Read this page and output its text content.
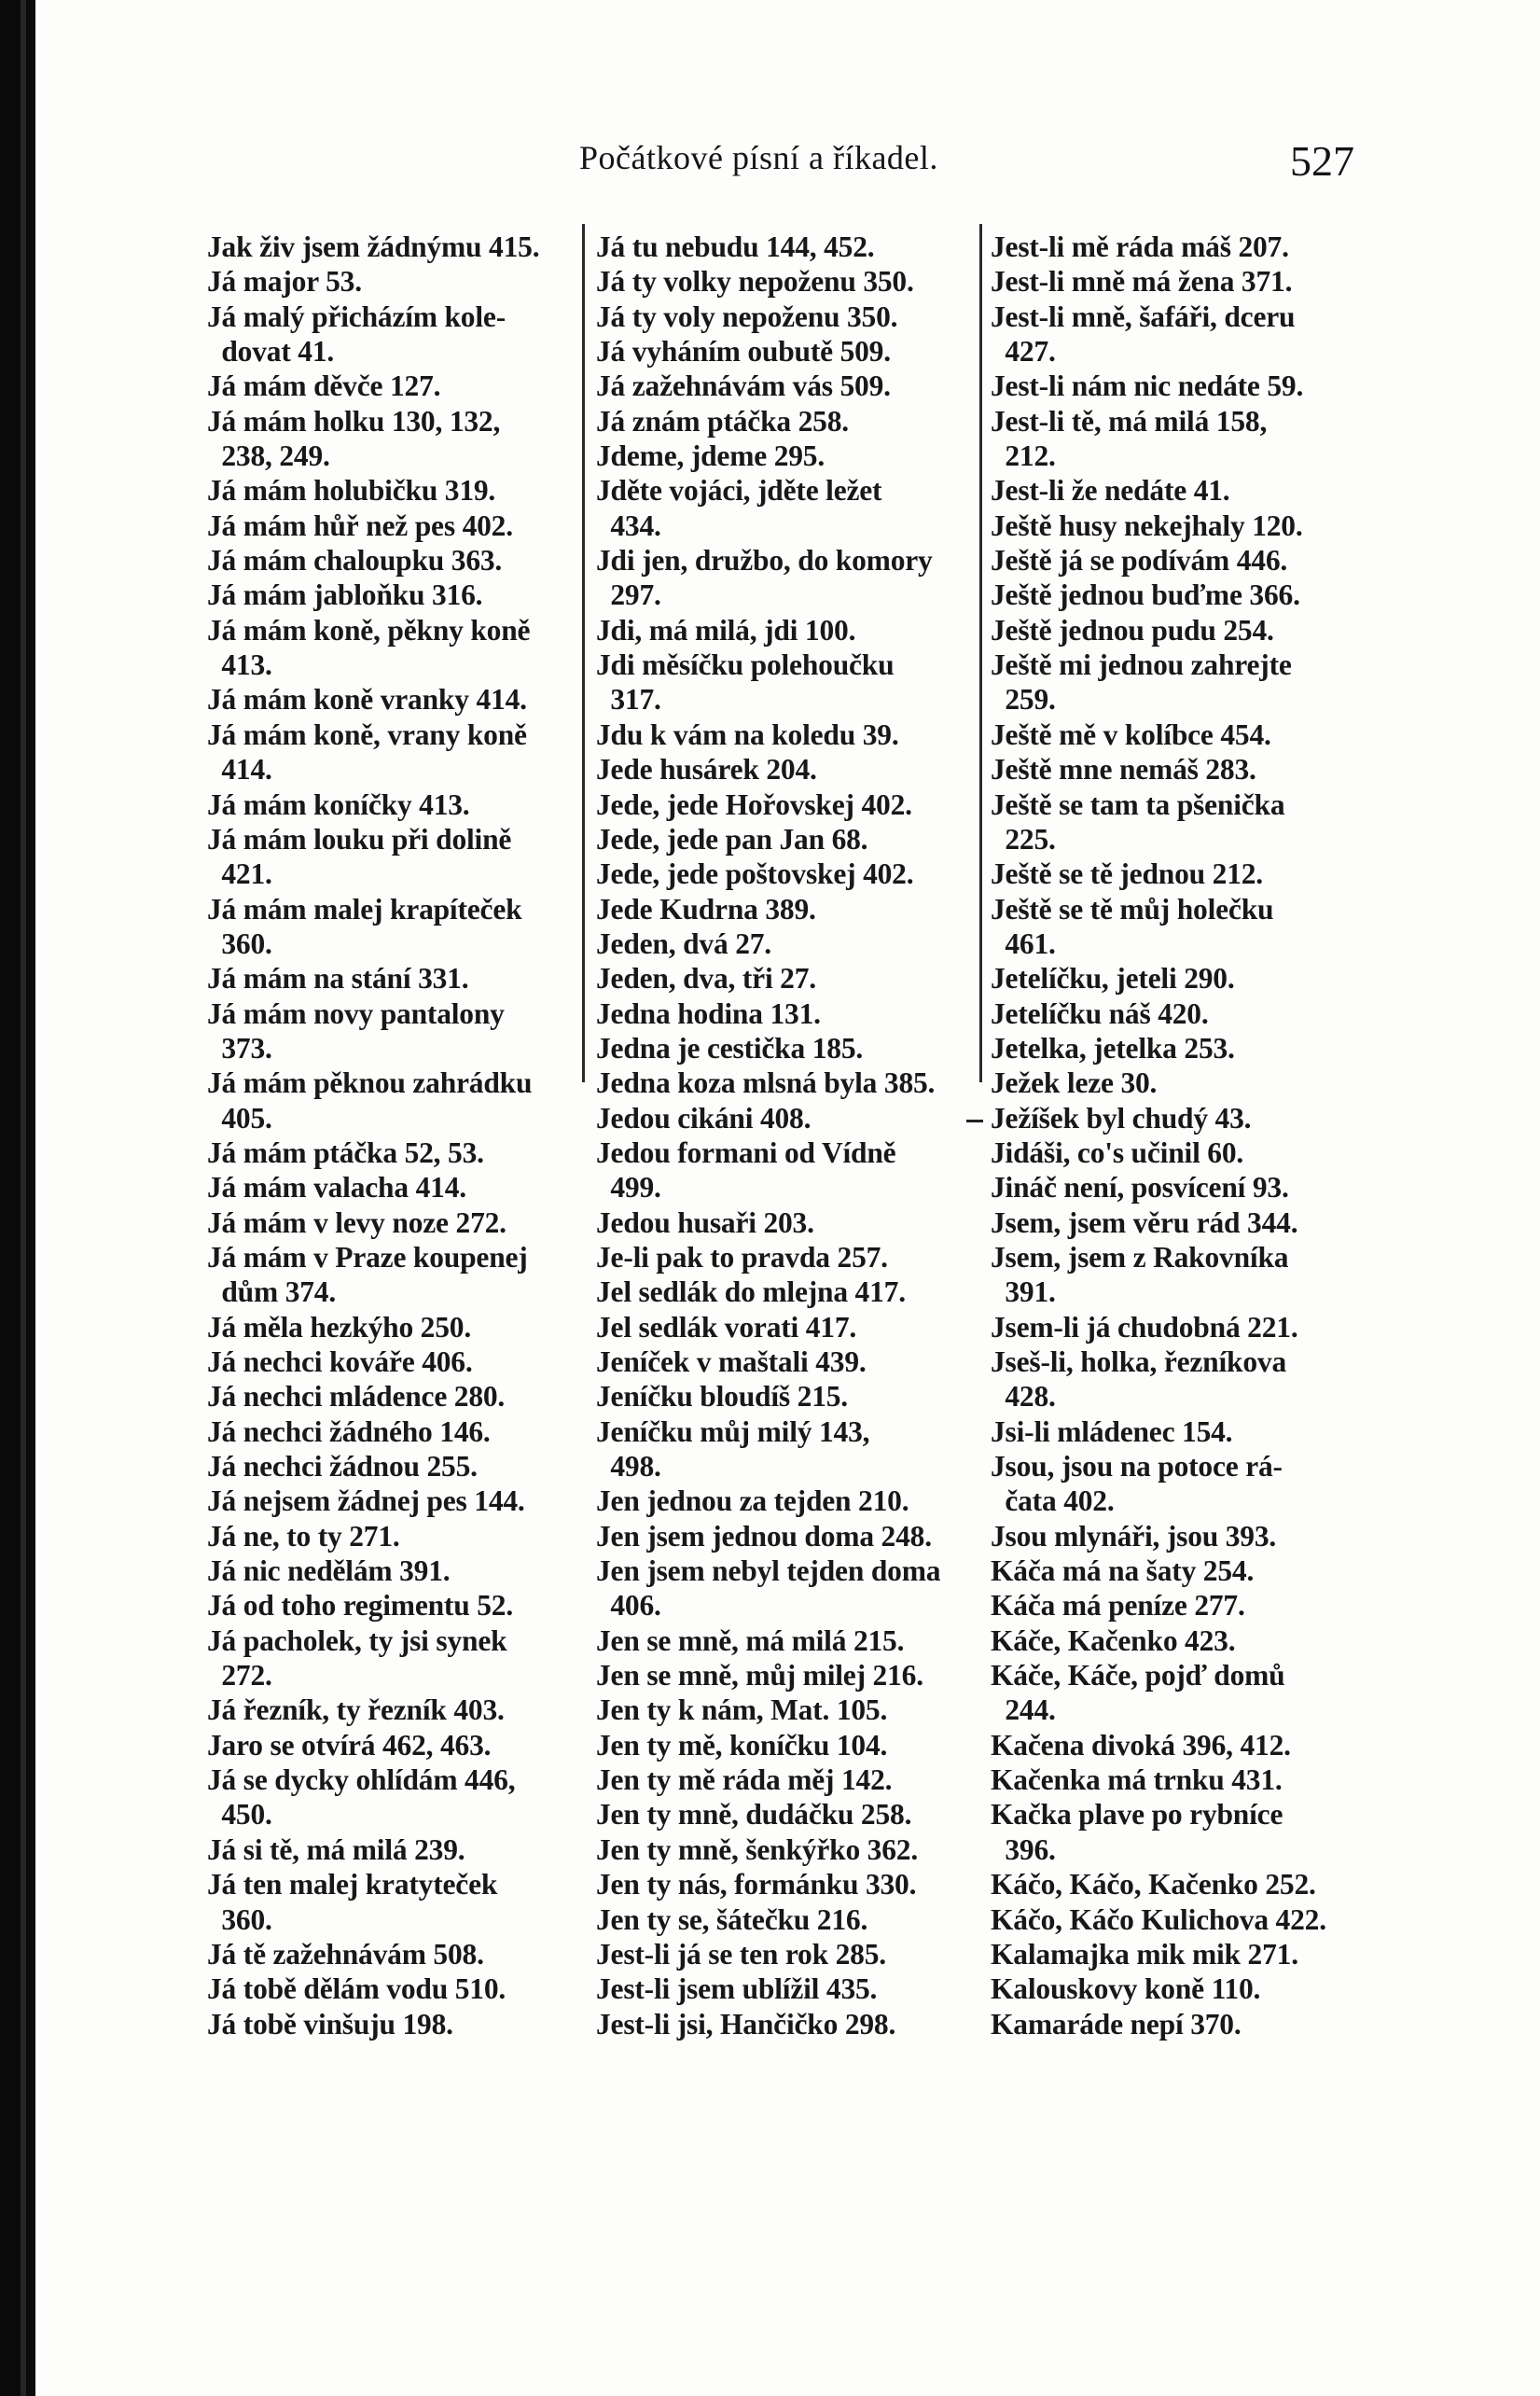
Počátkové písní a říkadel.	527
Jak živ jsem žádnýmu 415.
Já major 53.
Já malý přicházím kole-
dovat 41.
Já mám děvče 127.
Já mám holku 130, 132,
238, 249.
Já mám holubičku 319.
Já mám hůř než pes 402.
Já mám chaloupku 363.
Já mám jabloňku 316.
Já mám koně, pěkny koně
413.
Já mám koně vranky 414.
Já mám koně, vrany koně
414.
Já mám koníčky 413.
Já mám louku při dolině
421.
Já mám malej krapíteček
360.
Já mám na stání 331.
Já mám novy pantalony
373.
Já mám pěknou zahrádku
405.
Já mám ptáčka 52, 53.
Já mám valacha 414.
Já mám v levy noze 272.
Já mám v Praze koupenej
dům 374.
Já měla hezkýho 250.
Já nechci kováře 406.
Já nechci mládence 280.
Já nechci žádného 146.
Já nechci žádnou 255.
Já nejsem žádnej pes 144.
Já ne, to ty 271.
Já nic nedělám 391.
Já od toho regimentu 52.
Já pacholek, ty jsi synek
272.
Já řezník, ty řezník 403.
Jaro se otvírá 462, 463.
Já se dycky ohlídám 446,
450.
Já si tě, má milá 239.
Já ten malej kratyteček
360.
Já tě zažehnávám 508.
Já tobě dělám vodu 510.
Já tobě vinšuju 198.
Já tu nebudu 144, 452.
Já ty volky nepoženu 350.
Já ty voly nepoženu 350.
Já vyháním oubutě 509.
Já zažehnávám vás 509.
Já znám ptáčka 258.
Jdeme, jdeme 295.
Jděte vojáci, jděte ležet
434.
Jdi jen, družbo, do komory
297.
Jdi, má milá, jdi 100.
Jdi měsíčku polehoučku
317.
Jdu k vám na koledu 39.
Jede husárek 204.
Jede, jede Hořovskej 402.
Jede, jede pan Jan 68.
Jede, jede poštovskej 402.
Jede Kudrna 389.
Jeden, dvá 27.
Jeden, dva, tři 27.
Jedna hodina 131.
Jedna je cestička 185.
Jedna koza mlsná byla 385.
Jedou cikáni 408.
Jedou formani od Vídně
499.
Jedou husaři 203.
Je-li pak to pravda 257.
Jel sedlák do mlejna 417.
Jel sedlák vorati 417.
Jeníček v maštali 439.
Jeníčku bloudíš 215.
Jeníčku můj milý 143,
498.
Jen jednou za tejden 210.
Jen jsem jednou doma 248.
Jen jsem nebyl tejden doma
406.
Jen se mně, má milá 215.
Jen se mně, můj milej 216.
Jen ty k nám, Mat. 105.
Jen ty mě, koníčku 104.
Jen ty mě ráda měj 142.
Jen ty mně, dudáčku 258.
Jen ty mně, šenkýřko 362.
Jen ty nás, formánku 330.
Jen ty se, šátečku 216.
Jest-li já se ten rok 285.
Jest-li jsem ublížil 435.
Jest-li jsi, Hančičko 298.
Jest-li mě ráda máš 207.
Jest-li mně má žena 371.
Jest-li mně, šafáři, dceru
427.
Jest-li nám nic nedáte 59.
Jest-li tě, má milá 158,
212.
Jest-li že nedáte 41.
Ještě husy nekejhaly 120.
Ještě já se podívám 446.
Ještě jednou buďme 366.
Ještě jednou pudu 254.
Ještě mi jednou zahrejte
259.
Ještě mě v kolíbce 454.
Ještě mne nemáš 283.
Ještě se tam ta pšenička
225.
Ještě se tě jednou 212.
Ještě se tě můj holečku
461.
Jetelíčku, jeteli 290.
Jetelíčku náš 420.
Jetelka, jetelka 253.
Ježek leze 30.
Ježíšek byl chudý 43.
Jidáši, co's učinil 60.
Jináč není, posvícení 93.
Jsem, jsem věru rád 344.
Jsem, jsem z Rakovníka
391.
Jsem-li já chudobná 221.
Jseš-li, holka, řezníkova
428.
Jsi-li mládenec 154.
Jsou, jsou na potoce rá-
čata 402.
Jsou mlynáři, jsou 393.
Káča má na šaty 254.
Káča má peníze 277.
Káče, Kačenko 423.
Káče, Káče, pojď domů
244.
Kačena divoká 396, 412.
Kačenka má trnku 431.
Kačka plave po rybníce
396.
Káčo, Káčo, Kačenko 252.
Káčo, Káčo Kulichova 422.
Kalamajka mik mik 271.
Kalouskovy koně 110.
Kamaráde nepí 370.
